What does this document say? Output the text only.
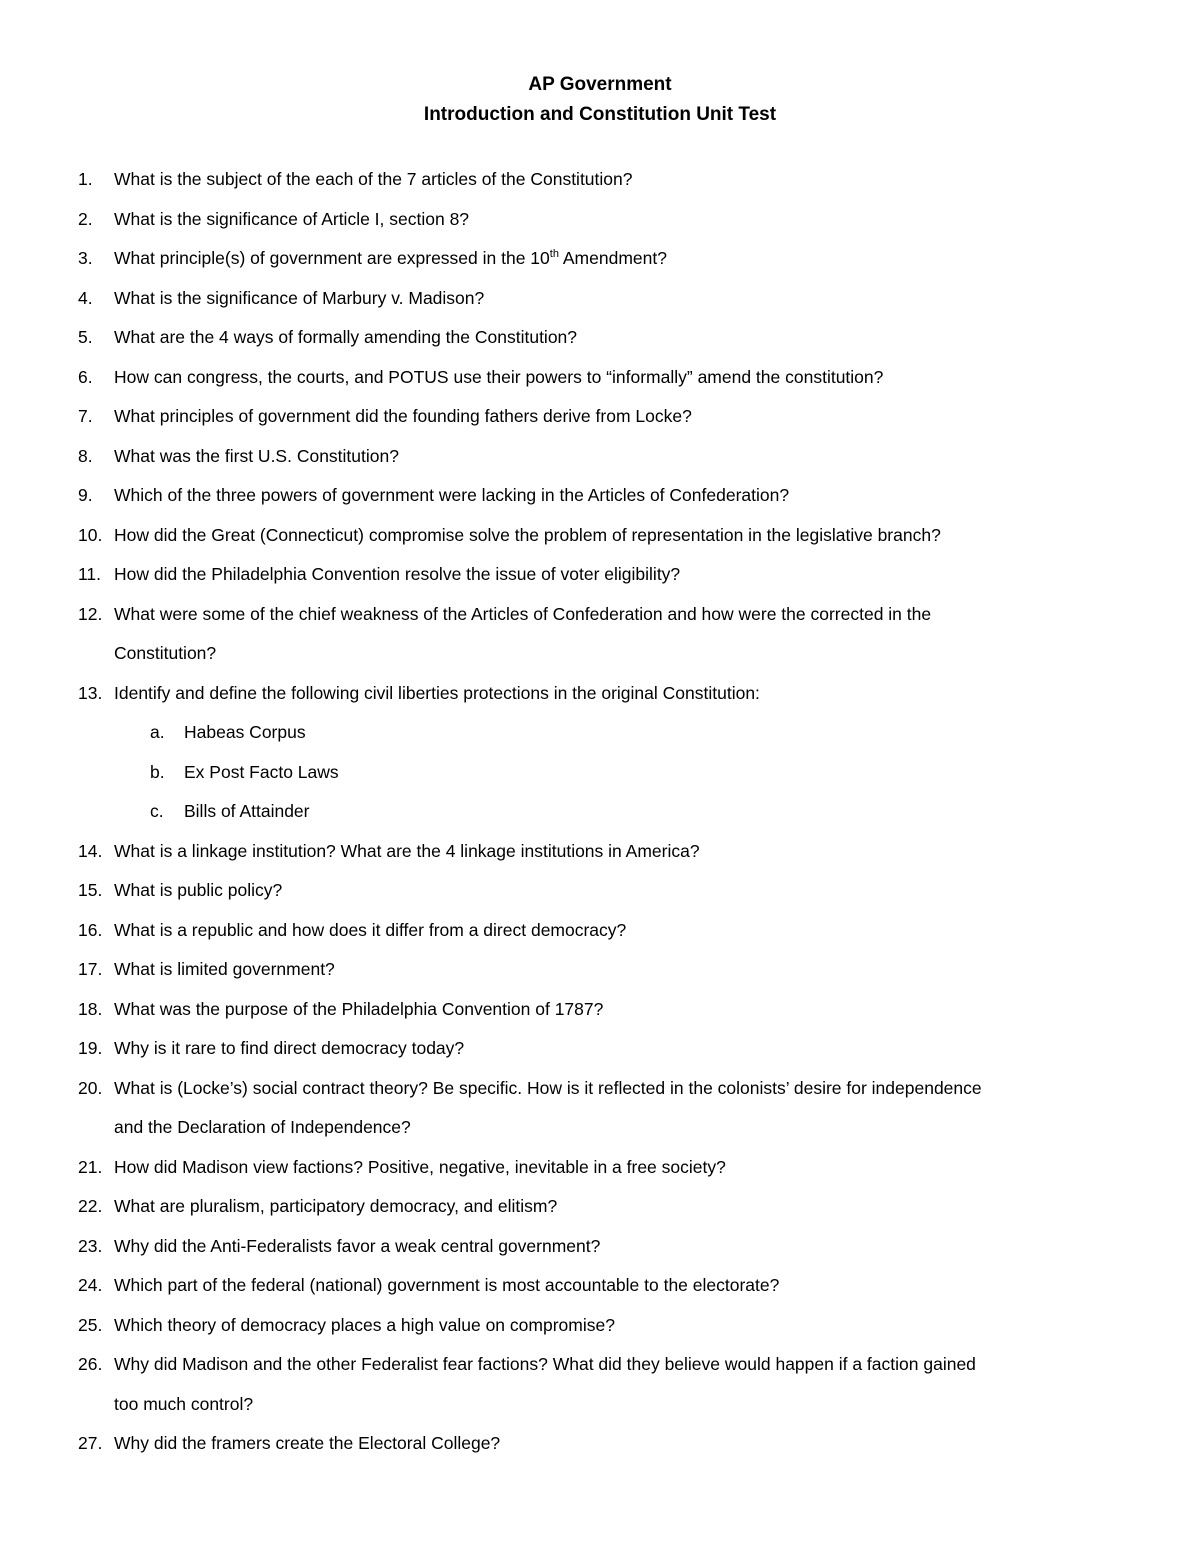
AP Government
Introduction and Constitution Unit Test
1. What is the subject of the each of the 7 articles of the Constitution?
2. What is the significance of Article I, section 8?
3. What principle(s) of government are expressed in the 10th Amendment?
4. What is the significance of Marbury v. Madison?
5. What are the 4 ways of formally amending the Constitution?
6. How can congress, the courts, and POTUS use their powers to “informally” amend the constitution?
7. What principles of government did the founding fathers derive from Locke?
8. What was the first U.S. Constitution?
9. Which of the three powers of government were lacking in the Articles of Confederation?
10. How did the Great (Connecticut) compromise solve the problem of representation in the legislative branch?
11. How did the Philadelphia Convention resolve the issue of voter eligibility?
12. What were some of the chief weakness of the Articles of Confederation and how were the corrected in the
Constitution?
13. Identify and define the following civil liberties protections in the original Constitution:
a. Habeas Corpus
b. Ex Post Facto Laws
c. Bills of Attainder
14. What is a linkage institution? What are the 4 linkage institutions in America?
15. What is public policy?
16. What is a republic and how does it differ from a direct democracy?
17. What is limited government?
18. What was the purpose of the Philadelphia Convention of 1787?
19. Why is it rare to find direct democracy today?
20. What is (Locke’s) social contract theory? Be specific. How is it reflected in the colonists’ desire for independence
and the Declaration of Independence?
21. How did Madison view factions? Positive, negative, inevitable in a free society?
22. What are pluralism, participatory democracy, and elitism?
23. Why did the Anti-Federalists favor a weak central government?
24. Which part of the federal (national) government is most accountable to the electorate?
25. Which theory of democracy places a high value on compromise?
26. Why did Madison and the other Federalist fear factions? What did they believe would happen if a faction gained
too much control?
27. Why did the framers create the Electoral College?
